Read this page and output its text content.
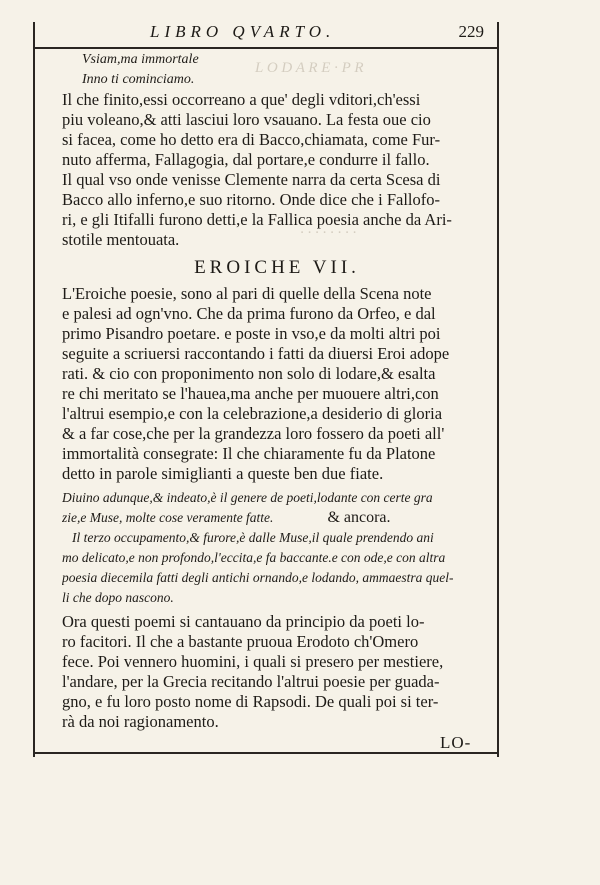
L O D A R E · P R
· · · · · · · ·
LIBRO QVARTO.	229
Vsiam,ma immortale
Inno ti cominciamo.
Il che finito,essi occorreano a que' degli vditori,ch'essi
piu voleano,& atti lasciui loro vsauano. La festa oue cio
si facea, come ho detto era di Bacco,chiamata, come Fur-
nuto afferma, Fallagogia, dal portare,e condurre il fallo.
Il qual vso onde venisse Clemente narra da certa Scesa di
Bacco allo inferno,e suo ritorno. Onde dice che i Fallofo-
ri, e gli Itifalli furono detti,e la Fallica poesia anche da Ari-
stotile mentouata.
EROICHE VII.
L'Eroiche poesie, sono al pari di quelle della Scena note
e palesi ad ogn'vno. Che da prima furono da Orfeo, e dal
primo Pisandro poetare. e poste in vso,e da molti altri poi
seguite a scriuersi raccontando i fatti da diuersi Eroi adope
rati. & cio con proponimento non solo di lodare,& esalta
re chi meritato se l'hauea,ma anche per muouere altri,con
l'altrui esempio,e con la celebrazione,a desiderio di gloria
& a far cose,che per la grandezza loro fossero da poeti all'
immortalità consegrate: Il che chiaramente fu da Platone
detto in parole simiglianti a queste ben due fiate.
Diuino adunque,& indeato,è il genere de poeti,lodante con certe gra
zie,e Muse, molte cose veramente fatte.	& ancora.
Il terzo occupamento,& furore,è dalle Muse,il quale prendendo ani
mo delicato,e non profondo,l'eccita,e fa baccante.e con ode,e con altra
poesia diecemila fatti degli antichi ornando,e lodando, ammaestra quel-
li che dopo nascono.
Ora questi poemi si cantauano da principio da poeti lo-
ro facitori. Il che a bastante pruoua Erodoto ch'Omero
fece. Poi vennero huomini, i quali si presero per mestiere,
l'andare, per la Grecia recitando l'altrui poesie per guada-
gno, e fu loro posto nome di Rapsodi. De quali poi si ter-
rà da noi ragionamento.
LO-
